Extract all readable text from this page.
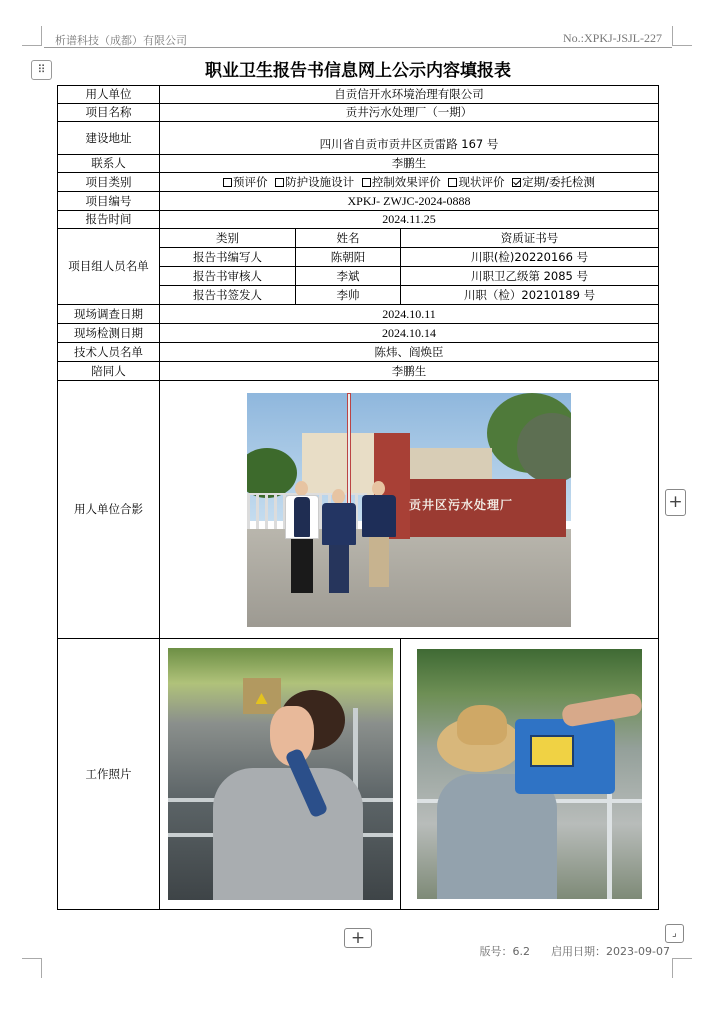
析谱科技（成都）有限公司	No.:XPKJ-JSJL-227
⠿	职业卫生报告书信息网上公示内容填报表
用人单位	自贡信开水环境治理有限公司		
项目名称	贡井污水处理厂（一期）		
建设地址	四川省自贡市贡井区贡雷路 167 号		
联系人	李鹏生		
项目类别	预评价 防护设施设计 控制效果评价 现状评价 定期/委托检测		
项目编号	XPKJ- ZWJC-2024-0888		
报告时间	2024.11.25		
项目组人员名单	类别	姓名	资质证书号
	报告书编写人	陈朝阳	川职(检)20220166 号
	报告书审核人	李斌	川职卫乙级第 2085 号
	报告书签发人	李帅	川职（检）20210189 号
现场调查日期	2024.10.11		
现场检测日期	2024.10.14		
技术人员名单	陈炜、阎焕臣		
陪同人	李鹏生		
用人单位合影	贡井区污水处理厂		

工作照片		

+
+	⌟
版号：6.2 启用日期：2023-09-07
